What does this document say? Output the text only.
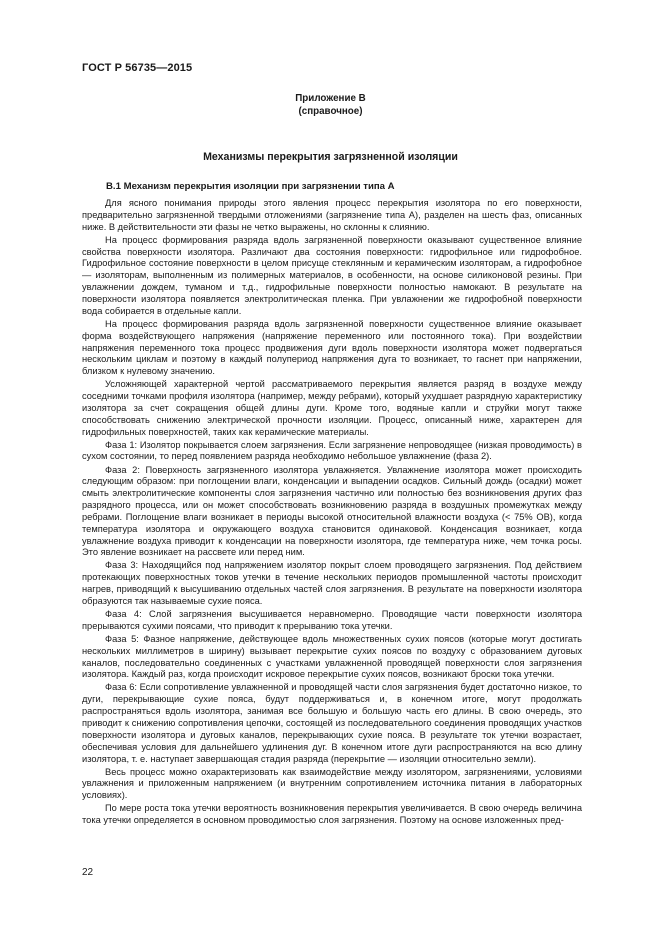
ГОСТ Р 56735—2015
Приложение В
(справочное)
Механизмы перекрытия загрязненной изоляции
В.1 Механизм перекрытия изоляции при загрязнении типа А

Для ясного понимания природы этого явления процесс перекрытия изолятора по его поверхности, предварительно загрязненной твердыми отложениями (загрязнение типа А), разделен на шесть фаз, описанных ниже. В действительности эти фазы не четко выражены, но склонны к слиянию.

На процесс формирования разряда вдоль загрязненной поверхности оказывают существенное влияние свойства поверхности изолятора. Различают два состояния поверхности: гидрофильное или гидрофобное. Гидрофильное состояние поверхности в целом присуще стеклянным и керамическим изоляторам, а гидрофобное — изоляторам, выполненным из полимерных материалов, в особенности, на основе силиконовой резины. При увлажнении дождем, туманом и т.д., гидрофильные поверхности полностью намокают. В результате на поверхности изолятора появляется электролитическая пленка. При увлажнении же гидрофобной поверхности вода собирается в отдельные капли.

На процесс формирования разряда вдоль загрязненной поверхности существенное влияние оказывает форма воздействующего напряжения (напряжение переменного или постоянного тока). При воздействии напряжения переменного тока процесс продвижения дуги вдоль поверхности изолятора может подвергаться нескольким циклам и поэтому в каждый полупериод напряжения дуга то возникает, то гаснет при напряжении, близком к нулевому значению.

Усложняющей характерной чертой рассматриваемого перекрытия является разряд в воздухе между соседними точками профиля изолятора (например, между ребрами), который ухудшает разрядную характеристику изолятора за счет сокращения общей длины дуги. Кроме того, водяные капли и струйки могут также способствовать снижению электрической прочности изоляции. Процесс, описанный ниже, характерен для гидрофильных поверхностей, таких как керамические материалы.

Фаза 1: Изолятор покрывается слоем загрязнения. Если загрязнение непроводящее (низкая проводимость) в сухом состоянии, то перед появлением разряда необходимо небольшое увлажнение (фаза 2).

Фаза 2: Поверхность загрязненного изолятора увлажняется. Увлажнение изолятора может происходить следующим образом: при поглощении влаги, конденсации и выпадении осадков. Сильный дождь (осадки) может смыть электролитические компоненты слоя загрязнения частично или полностью без возникновения других фаз разрядного процесса, или он может способствовать возникновению разряда в воздушных промежутках между ребрами. Поглощение влаги возникает в периоды высокой относительной влажности воздуха (< 75% ОВ), когда температура изолятора и окружающего воздуха становится одинаковой. Конденсация возникает, когда увлажнение воздуха приводит к конденсации на поверхности изолятора, где температура ниже, чем точка росы. Это явление возникает на рассвете или перед ним.

Фаза 3: Находящийся под напряжением изолятор покрыт слоем проводящего загрязнения. Под действием протекающих поверхностных токов утечки в течение нескольких периодов промышленной частоты происходит нагрев, приводящий к высушиванию отдельных частей слоя загрязнения. В результате на поверхности изолятора образуются так называемые сухие пояса.

Фаза 4: Слой загрязнения высушивается неравномерно. Проводящие части поверхности изолятора прерываются сухими поясами, что приводит к прерыванию тока утечки.

Фаза 5: Фазное напряжение, действующее вдоль множественных сухих поясов (которые могут достигать нескольких миллиметров в ширину) вызывает перекрытие сухих поясов по воздуху с образованием дуговых каналов, последовательно соединенных с участками увлажненной проводящей поверхности слоя загрязнения изолятора. Каждый раз, когда происходит искровое перекрытие сухих поясов, возникают броски тока утечки.

Фаза 6: Если сопротивление увлажненной и проводящей части слоя загрязнения будет достаточно низкое, то дуги, перекрывающие сухие пояса, будут поддерживаться и, в конечном итоге, могут продолжать распространяться вдоль изолятора, занимая все большую и большую часть его длины. В свою очередь, это приводит к снижению сопротивления цепочки, состоящей из последовательного соединения проводящих участков поверхности изолятора и дуговых каналов, перекрывающих сухие пояса. В результате ток утечки возрастает, обеспечивая условия для дальнейшего удлинения дуг. В конечном итоге дуги распространяются на всю длину изолятора, т. е. наступает завершающая стадия разряда (перекрытие — изоляции относительно земли).

Весь процесс можно охарактеризовать как взаимодействие между изолятором, загрязнениями, условиями увлажнения и приложенным напряжением (и внутренним сопротивлением источника питания в лабораторных условиях).

По мере роста тока утечки вероятность возникновения перекрытия увеличивается. В свою очередь величина тока утечки определяется в основном проводимостью слоя загрязнения. Поэтому на основе изложенных пред-

22
